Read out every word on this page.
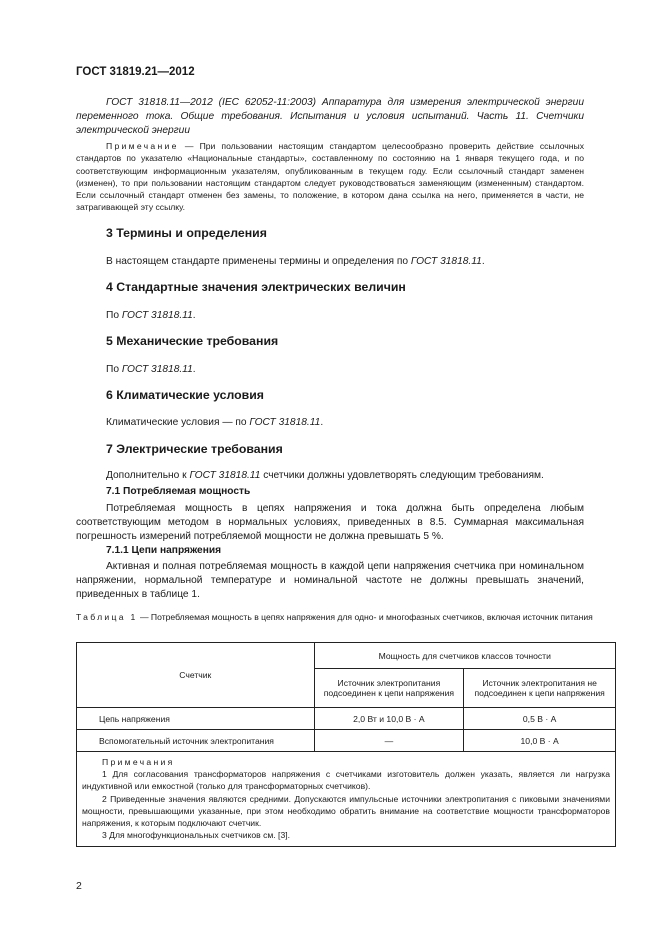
ГОСТ 31819.21—2012
ГОСТ 31818.11—2012 (IEC 62052-11:2003) Аппаратура для измерения электрической энергии переменного тока. Общие требования. Испытания и условия испытаний. Часть 11. Счетчики электрической энергии
Примечание — При пользовании настоящим стандартом целесообразно проверить действие ссылочных стандартов по указателю «Национальные стандарты», составленному по состоянию на 1 января текущего года, и по соответствующим информационным указателям, опубликованным в текущем году. Если ссылочный стандарт заменен (изменен), то при пользовании настоящим стандартом следует руководствоваться заменяющим (измененным) стандартом. Если ссылочный стандарт отменен без замены, то положение, в котором дана ссылка на него, применяется в части, не затрагивающей эту ссылку.
3 Термины и определения
В настоящем стандарте применены термины и определения по ГОСТ 31818.11.
4 Стандартные значения электрических величин
По ГОСТ 31818.11.
5 Механические требования
По ГОСТ 31818.11.
6 Климатические условия
Климатические условия — по ГОСТ 31818.11.
7 Электрические требования
Дополнительно к ГОСТ 31818.11 счетчики должны удовлетворять следующим требованиям.
7.1 Потребляемая мощность
Потребляемая мощность в цепях напряжения и тока должна быть определена любым соответствующим методом в нормальных условиях, приведенных в 8.5. Суммарная максимальная погрешность измерений потребляемой мощности не должна превышать 5 %.
7.1.1 Цепи напряжения
Активная и полная потребляемая мощность в каждой цепи напряжения счетчика при номинальном напряжении, нормальной температуре и номинальной частоте не должны превышать значений, приведенных в таблице 1.
Таблица 1 — Потребляемая мощность в цепях напряжения для одно- и многофазных счетчиков, включая источник питания
Счетчик	Мощность для счетчиков классов точности	
	Источник электропитания подсоединен к цепи напряжения	Источник электропитания не подсоединен к цепи напряжения
Цепь напряжения	2,0 Вт и 10,0 В · А	0,5 В · А
Вспомогательный источник электропитания	—	10,0 В · А

Примечания
1 Для согласования трансформаторов напряжения с счетчиками изготовитель должен указать, является ли нагрузка индуктивной или емкостной (только для трансформаторных счетчиков).
2 Приведенные значения являются средними. Допускаются импульсные источники электропитания с пиковыми значениями мощности, превышающими указанные, при этом необходимо обратить внимание на соответствие мощности трансформаторов напряжения, к которым подключают счетчик.
3 Для многофункциональных счетчиков см. [3].		
2
